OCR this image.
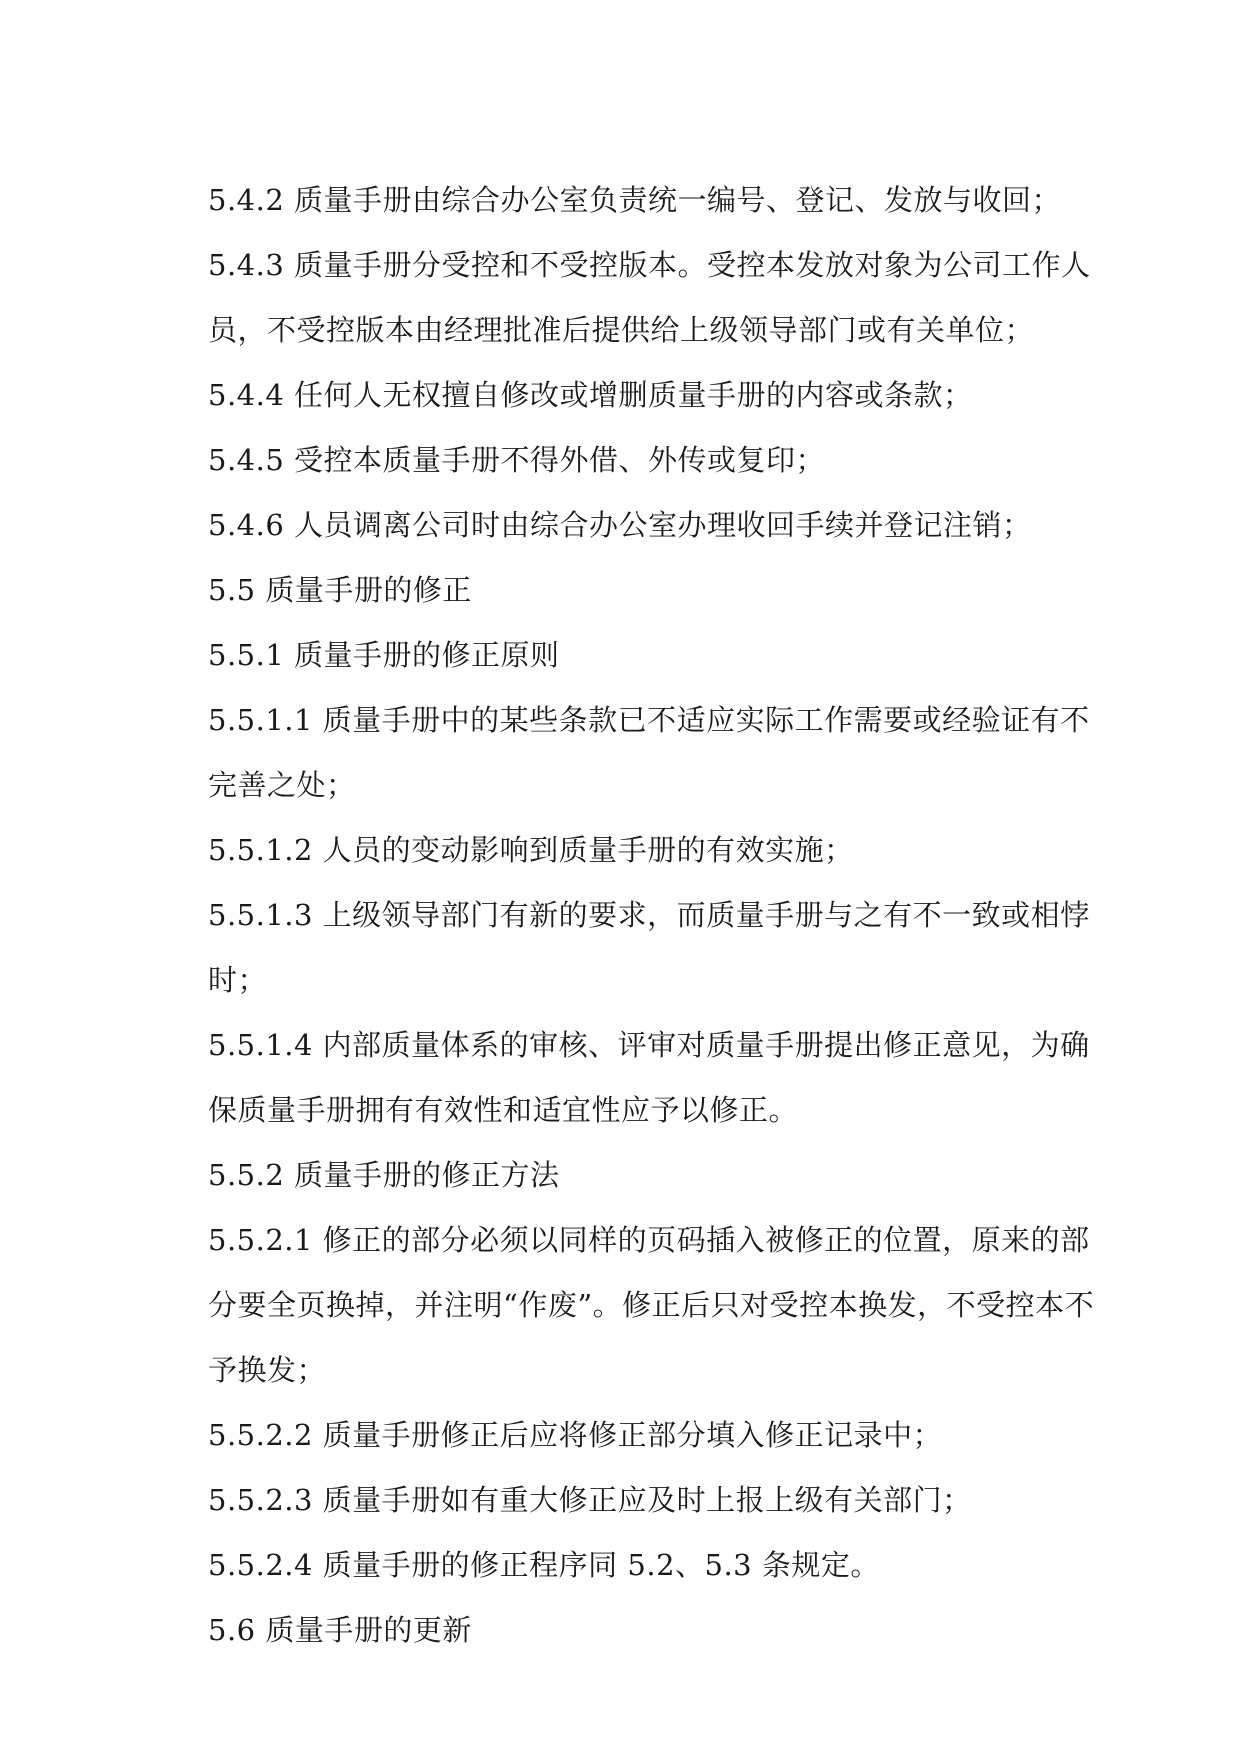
5.4.2 质量手册由综合办公室负责统一编号、登记、发放与收回；

5.4.3 质量手册分受控和不受控版本。受控本发放对象为公司工作人员，不受控版本由经理批准后提供给上级领导部门或有关单位；

5.4.4 任何人无权擅自修改或增删质量手册的内容或条款；

5.4.5 受控本质量手册不得外借、外传或复印；

5.4.6 人员调离公司时由综合办公室办理收回手续并登记注销；

5.5 质量手册的修正

5.5.1 质量手册的修正原则

5.5.1.1 质量手册中的某些条款已不适应实际工作需要或经验证有不完善之处；

5.5.1.2 人员的变动影响到质量手册的有效实施；

5.5.1.3 上级领导部门有新的要求，而质量手册与之有不一致或相悖时；

5.5.1.4 内部质量体系的审核、评审对质量手册提出修正意见，为确保质量手册拥有有效性和适宜性应予以修正。

5.5.2 质量手册的修正方法

5.5.2.1 修正的部分必须以同样的页码插入被修正的位置，原来的部分要全页换掉，并注明“作废”。修正后只对受控本换发，不受控本不予换发；

5.5.2.2 质量手册修正后应将修正部分填入修正记录中；

5.5.2.3 质量手册如有重大修正应及时上报上级有关部门；

5.5.2.4 质量手册的修正程序同 5.2、5.3 条规定。

5.6 质量手册的更新
